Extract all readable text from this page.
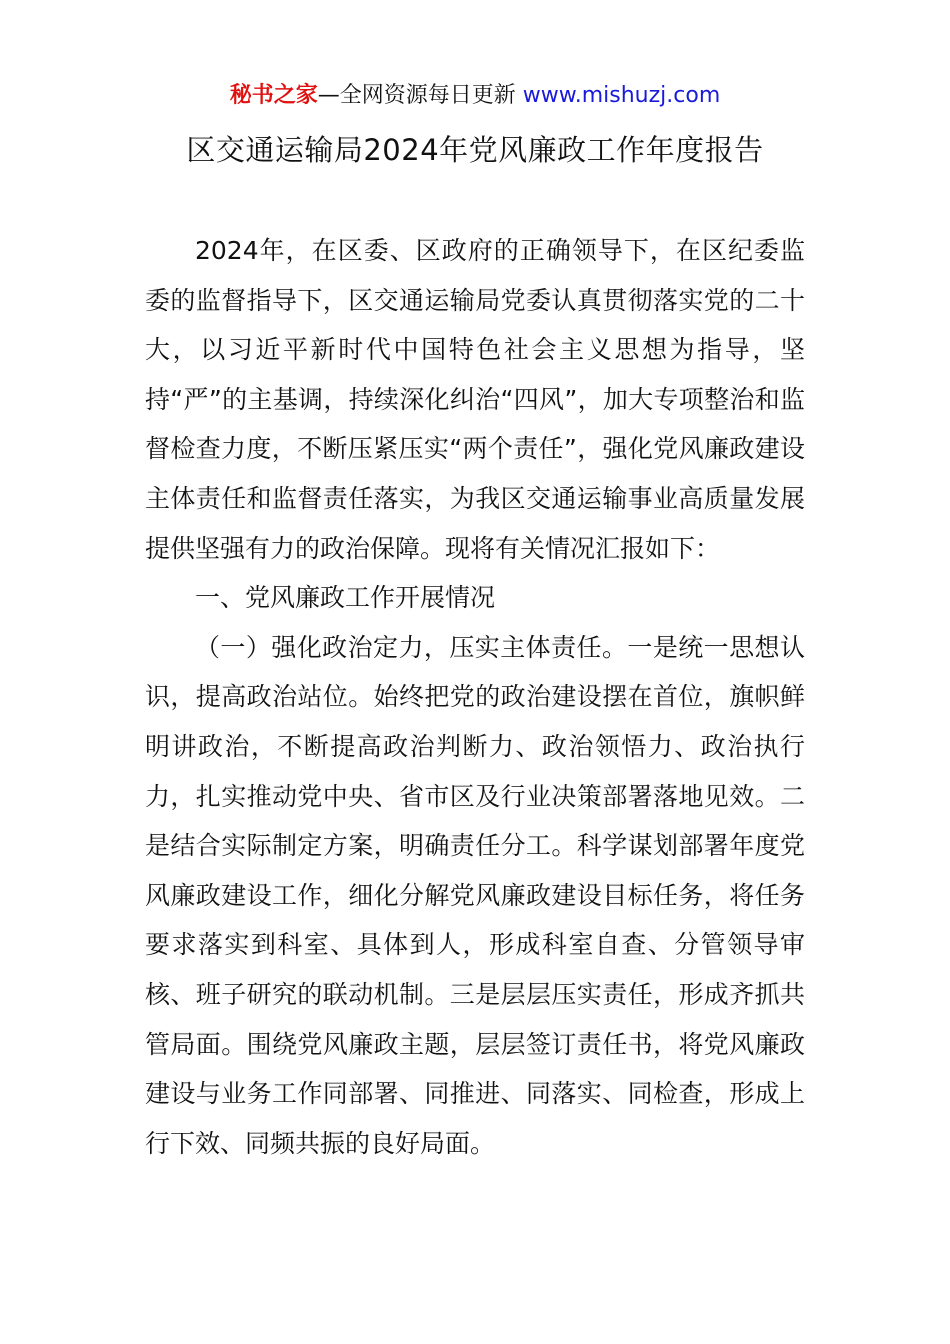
秘书之家—全网资源每日更新 www.mishuzj.com
区交通运输局2024年党风廉政工作年度报告

2024年，在区委、区政府的正确领导下，在区纪委监委的监督指导下，区交通运输局党委认真贯彻落实党的二十大，以习近平新时代中国特色社会主义思想为指导，坚持“严”的主基调，持续深化纠治“四风”，加大专项整治和监督检查力度，不断压紧压实“两个责任”，强化党风廉政建设主体责任和监督责任落实，为我区交通运输事业高质量发展提供坚强有力的政治保障。现将有关情况汇报如下：

一、党风廉政工作开展情况

（一）强化政治定力，压实主体责任。一是统一思想认识，提高政治站位。始终把党的政治建设摆在首位，旗帜鲜明讲政治，不断提高政治判断力、政治领悟力、政治执行力，扎实推动党中央、省市区及行业决策部署落地见效。二是结合实际制定方案，明确责任分工。科学谋划部署年度党风廉政建设工作，细化分解党风廉政建设目标任务，将任务要求落实到科室、具体到人，形成科室自查、分管领导审核、班子研究的联动机制。三是层层压实责任，形成齐抓共管局面。围绕党风廉政主题，层层签订责任书，将党风廉政建设与业务工作同部署、同推进、同落实、同检查，形成上行下效、同频共振的良好局面。
